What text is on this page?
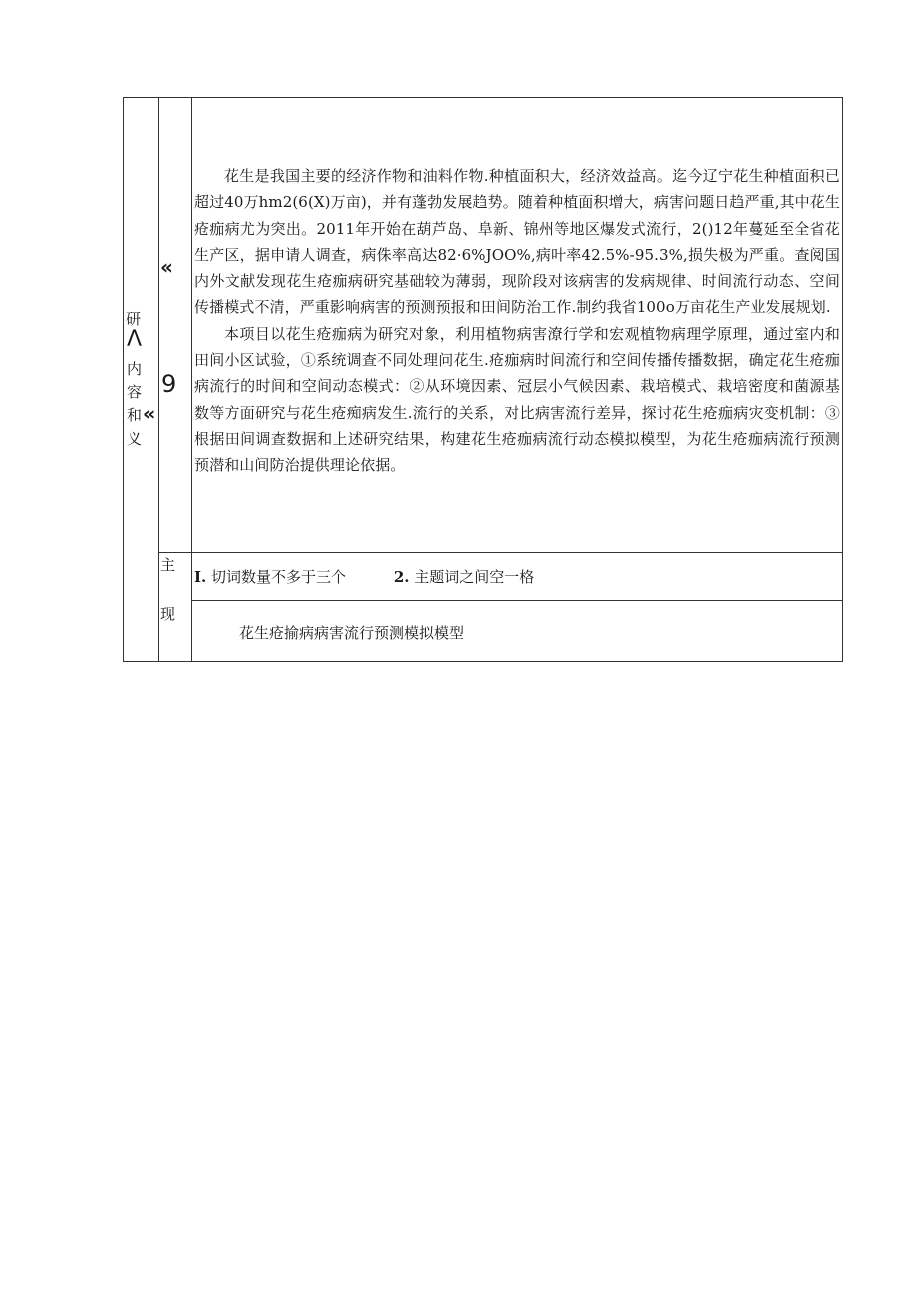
研
Λ
内
容
和 «
义
«
9

花生是我国主要的经济作物和油料作物.种植面积大，经济效益高。迄今辽宁花生种植面积已超过40万hm2(6(X)万亩)，并有蓬勃发展趋势。随着种植面积增大，病害问题日趋严重,其中花生疮痂病尤为突出。2011年开始在葫芦岛、阜新、锦州等地区爆发式流行，2()12年蔓延至全省花生产区，据申请人调查，病侏率高达82·6%JOO%,病叶率42.5%-95.3%,损失极为严重。查阅国内外文献发现花生疮痂病研究基础较为薄弱，现阶段对该病害的发病规律、时间流行动态、空间传播模式不清，严重影响病害的预测预报和田间防治工作.制约我省100o万亩花生产业发展规划.

本项目以花生疮痂病为研究对象，利用植物病害潦行学和宏观植物病理学原理，通过室内和田间小区试验，①系统调查不同处理问花生.疮痂病时间流行和空间传播传播数据，确定花生疮痂病流行的时间和空间动态模式：②从环境因素、冠层小气候因素、栽培模式、栽培密度和菌源基数等方面研究与花生疮痴病发生.流行的关系，对比病害流行差异，探讨花生疮痂病灾变机制：③根据田间调查数据和上述研究结果，构建花生疮痂病流行动态模拟模型，为花生疮痂病流行预测预潜和山间防治提供理论依据。

主
现
I. 切词数量不多于三个	2. 主题词之间空一格
花生疮揄病病害流行预测模拟模型
